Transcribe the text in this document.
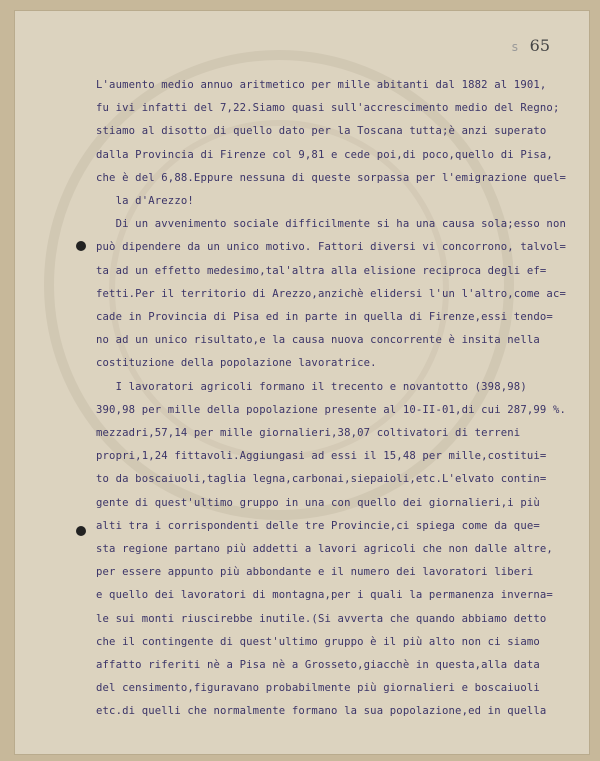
s 65
L'aumento medio annuo aritmetico per mille abitanti dal 1882 al 1901,
fu ivi infatti del 7,22.Siamo quasi sull'accrescimento medio del Regno;
stiamo al disotto di quello dato per la Toscana tutta;è anzi superato
dalla Provincia di Firenze col 9,81 e cede poi,di poco,quello di Pisa,
che è del 6,88.Eppure nessuna di queste sorpassa per l'emigrazione quel=
la d'Arezzo!
Di un avvenimento sociale difficilmente si ha una causa sola;esso non
può dipendere da un unico motivo. Fattori diversi vi concorrono, talvol=
ta ad un effetto medesimo,tal'altra alla elisione reciproca degli ef=
fetti.Per il territorio di Arezzo,anzichè elidersi l'un l'altro,come ac=
cade in Provincia di Pisa ed in parte in quella di Firenze,essi tendo=
no ad un unico risultato,e la causa nuova concorrente è insita nella
costituzione della popolazione lavoratrice.
I lavoratori agricoli formano il trecento e novantotto (398,98)
390,98 per mille della popolazione presente al 10-II-01,di cui 287,99 %.
mezzadri,57,14 per mille giornalieri,38,07 coltivatori di terreni
propri,1,24 fittavoli.Aggiungasi ad essi il 15,48 per mille,costitui=
to da boscaiuoli,taglia legna,carbonai,siepaioli,etc.L'elvato contin=
gente di quest'ultimo gruppo in una con quello dei giornalieri,i più
alti tra i corrispondenti delle tre Provincie,ci spiega come da que=
sta regione partano più addetti a lavori agricoli che non dalle altre,
per essere appunto più abbondante e il numero dei lavoratori liberi
e quello dei lavoratori di montagna,per i quali la permanenza inverna=
le sui monti riuscirebbe inutile.(Si avverta che quando abbiamo detto
che il contingente di quest'ultimo gruppo è il più alto non ci siamo
affatto riferiti nè a Pisa nè a Grosseto,giacchè in questa,alla data
del censimento,figuravano probabilmente più giornalieri e boscaiuoli
etc.di quelli che normalmente formano la sua popolazione,ed in quella
